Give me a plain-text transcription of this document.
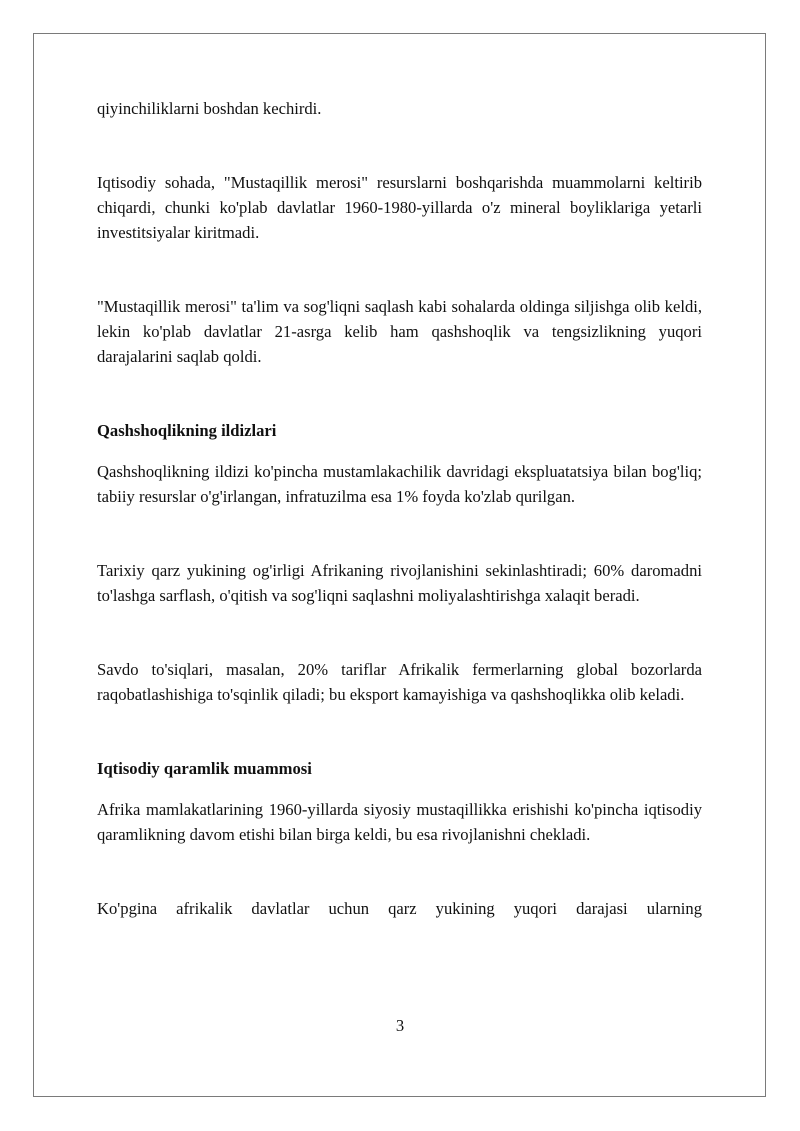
qiyinchiliklarni boshdan kechirdi.

Iqtisodiy sohada, "Mustaqillik merosi" resurslarni boshqarishda muammolarni keltirib chiqardi, chunki ko'plab davlatlar 1960-1980-yillarda o'z mineral boyliklariga yetarli investitsiyalar kiritmadi.

"Mustaqillik merosi" ta'lim va sog'liqni saqlash kabi sohalarda oldinga siljishga olib keldi, lekin ko'plab davlatlar 21-asrga kelib ham qashshoqlik va tengsizlikning yuqori darajalarini saqlab qoldi.

Qashshoqlikning ildizlari

Qashshoqlikning ildizi ko'pincha mustamlakachilik davridagi ekspluatatsiya bilan bog'liq; tabiiy resurslar o'g'irlangan, infratuzilma esa 1% foyda ko'zlab qurilgan.

Tarixiy qarz yukining og'irligi Afrikaning rivojlanishini sekinlashtiradi; 60% daromadni to'lashga sarflash, o'qitish va sog'liqni saqlashni moliyalashtirishga xalaqit beradi.

Savdo to'siqlari, masalan, 20% tariflar Afrikalik fermerlarning global bozorlarda raqobatlashishiga to'sqinlik qiladi; bu eksport kamayishiga va qashshoqlikka olib keladi.

Iqtisodiy qaramlik muammosi

Afrika mamlakatlarining 1960-yillarda siyosiy mustaqillikka erishishi ko'pincha iqtisodiy qaramlikning davom etishi bilan birga keldi, bu esa rivojlanishni chekladi.

Ko'pgina afrikalik davlatlar uchun qarz yukining yuqori darajasi ularning

3
